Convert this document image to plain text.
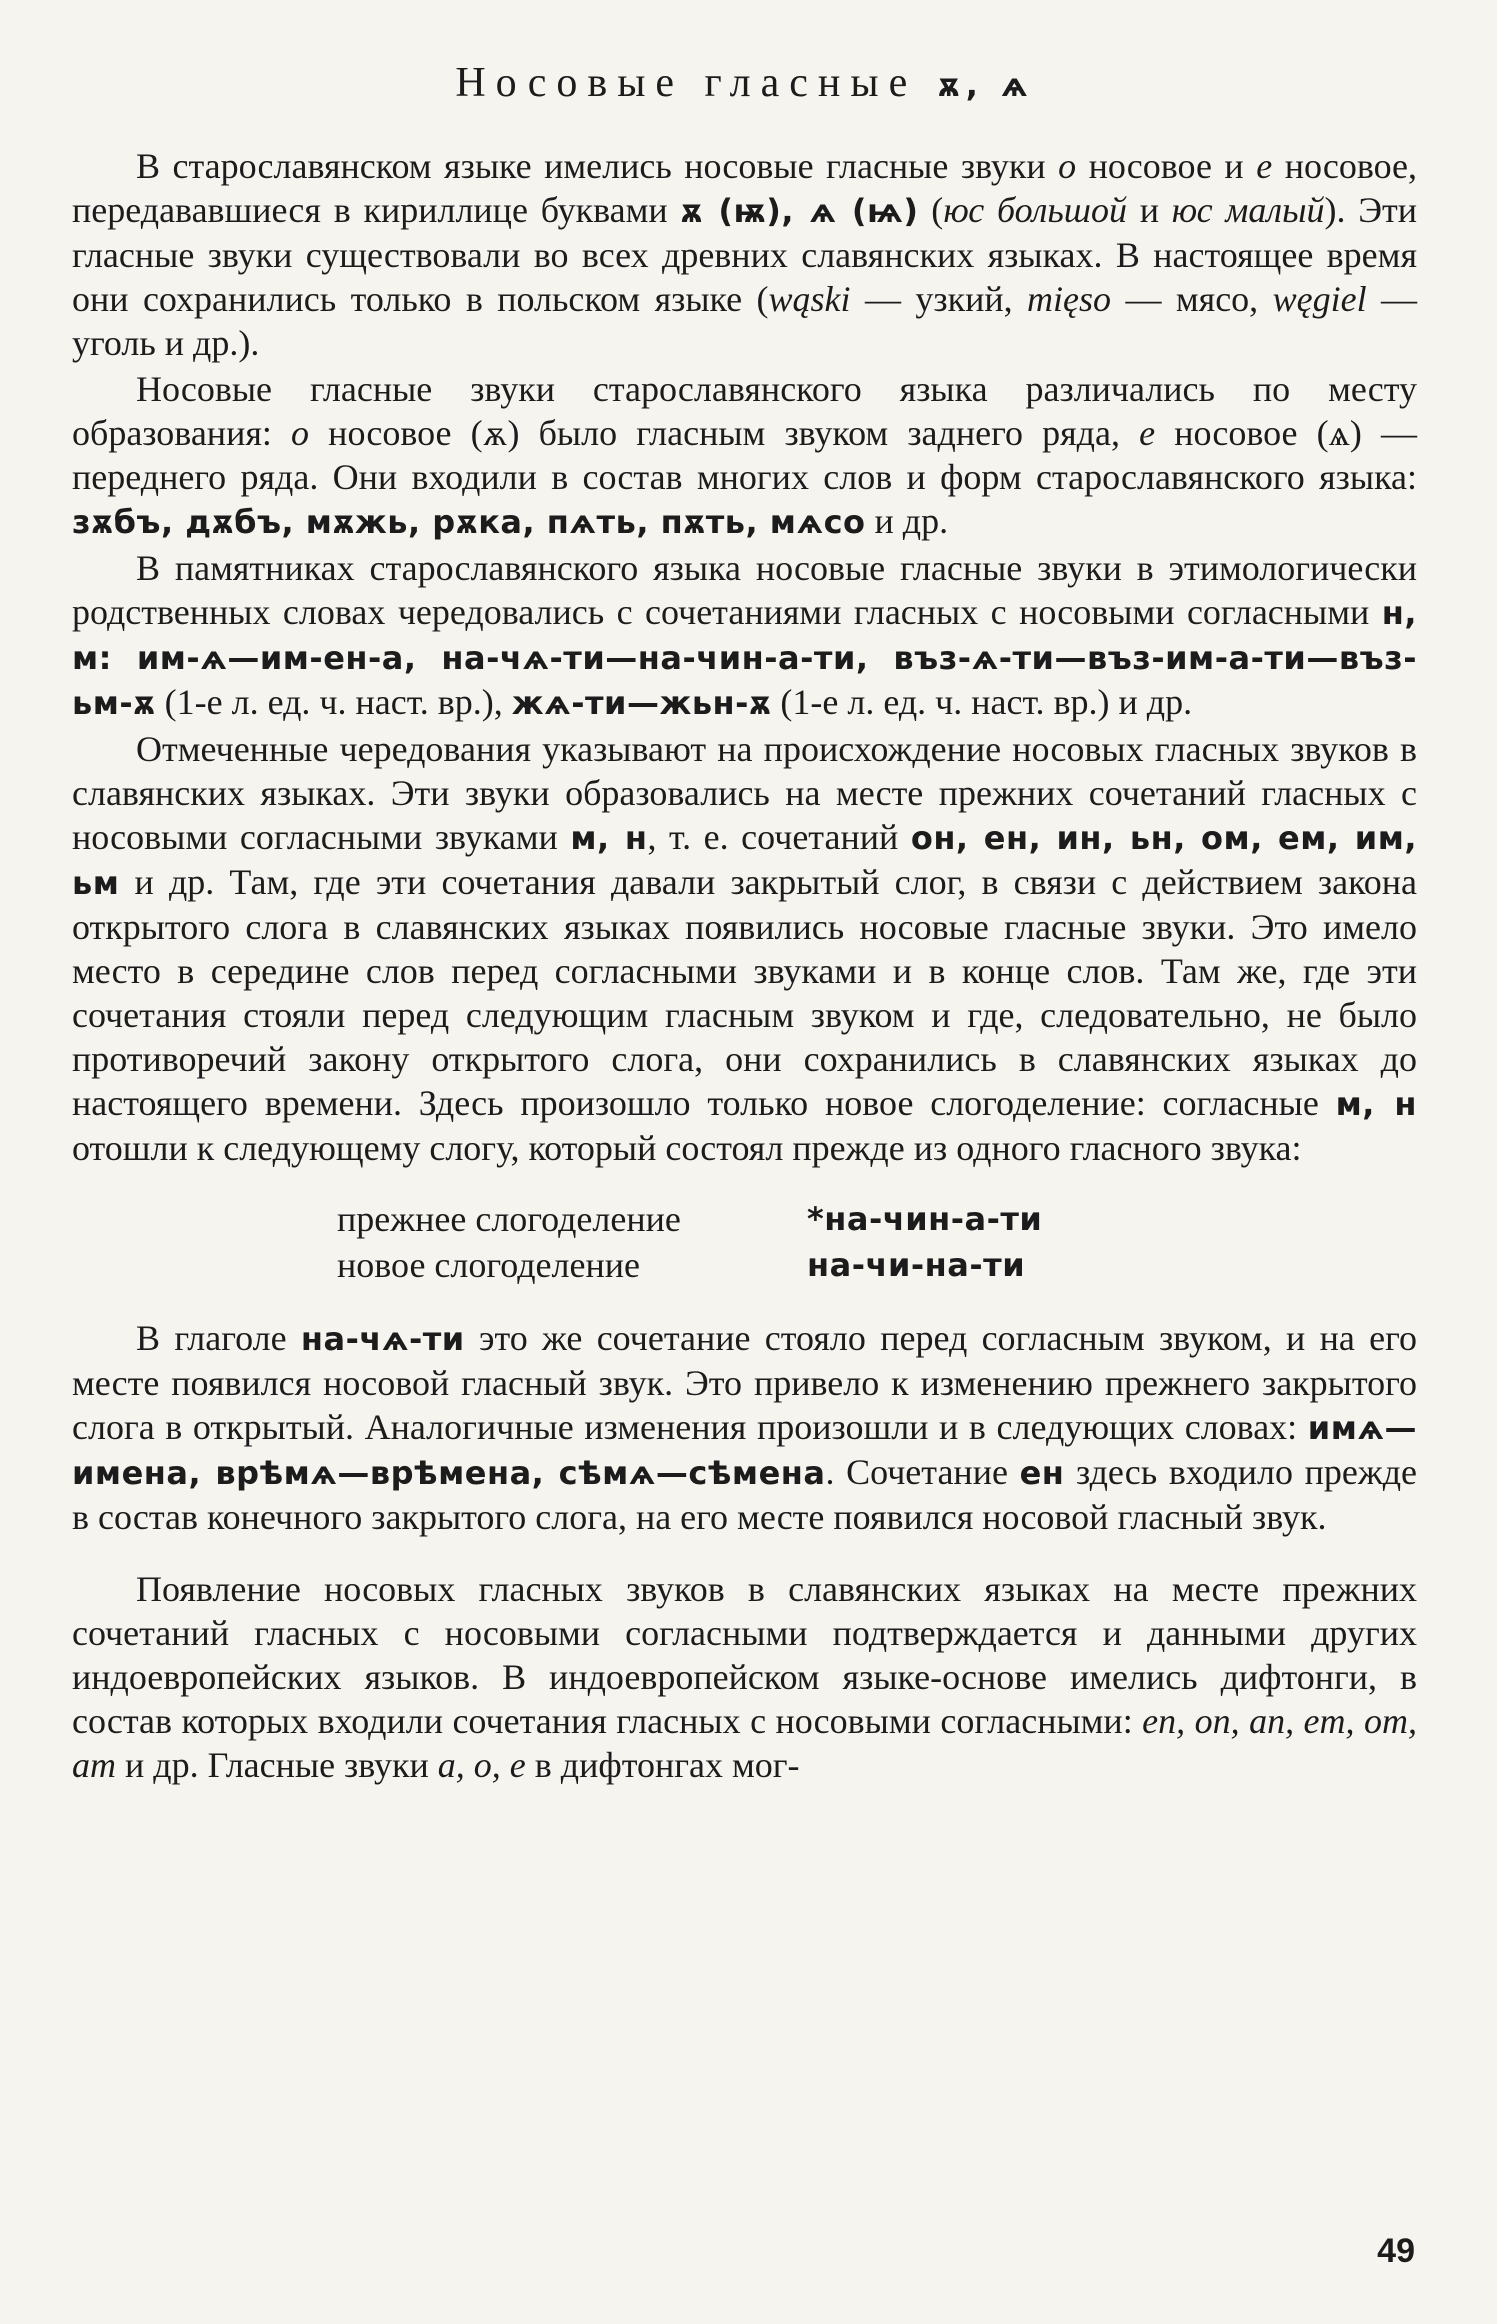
Носовые гласные ѫ, ѧ

В старославянском языке имелись носовые гласные звуки о носовое и е носовое, передававшиеся в кириллице буквами ѫ (ѭ), ѧ (ѩ) (юс большой и юс малый). Эти гласные звуки существовали во всех древних славянских языках. В настоящее время они сохранились только в польском языке (wąski — узкий, mięso — мясо, węgiel — уголь и др.).

Носовые гласные звуки старославянского языка различались по месту образования: о носовое (ѫ) было гласным звуком заднего ряда, е носовое (ѧ) — переднего ряда. Они входили в состав многих слов и форм старославянского языка: зѫбъ, дѫбъ, мѫжь, рѫка, пѧть, пѫть, мѧсо и др.

В памятниках старославянского языка носовые гласные звуки в этимологически родственных словах чередовались с сочетаниями гласных с носовыми согласными н, м: им-ѧ—им-ен-а, на-чѧ-ти—на-чин-а-ти, въз-ѧ-ти—въз-им-а-ти—въз-ьм-ѫ (1-е л. ед. ч. наст. вр.), жѧ-ти—жьн-ѫ (1-е л. ед. ч. наст. вр.) и др.

Отмеченные чередования указывают на происхождение носовых гласных звуков в славянских языках. Эти звуки образовались на месте прежних сочетаний гласных с носовыми согласными звуками м, н, т. е. сочетаний он, ен, ин, ьн, ом, ем, им, ьм и др. Там, где эти сочетания давали закрытый слог, в связи с действием закона открытого слога в славянских языках появились носовые гласные звуки. Это имело место в середине слов перед согласными звуками и в конце слов. Там же, где эти сочетания стояли перед следующим гласным звуком и где, следовательно, не было противоречий закону открытого слога, они сохранились в славянских языках до настоящего времени. Здесь произошло только новое слогоделение: согласные м, н отошли к следующему слогу, который состоял прежде из одного гласного звука:

прежнее слогоделение	*на-чин-а-ти
новое слогоделение	на-чи-на-ти

В глаголе на-чѧ-ти это же сочетание стояло перед согласным звуком, и на его месте появился носовой гласный звук. Это привело к изменению прежнего закрытого слога в открытый. Аналогичные изменения произошли и в следующих словах: имѧ—имена, врѣмѧ—врѣмена, сѣмѧ—сѣмена. Сочетание ен здесь входило прежде в состав конечного закрытого слога, на его месте появился носовой гласный звук.

Появление носовых гласных звуков в славянских языках на месте прежних сочетаний гласных с носовыми согласными подтверждается и данными других индоевропейских языков. В индоевропейском языке-основе имелись дифтонги, в состав которых входили сочетания гласных с носовыми согласными: en, on, an, em, om, am и др. Гласные звуки а, о, е в дифтонгах мог-

49
